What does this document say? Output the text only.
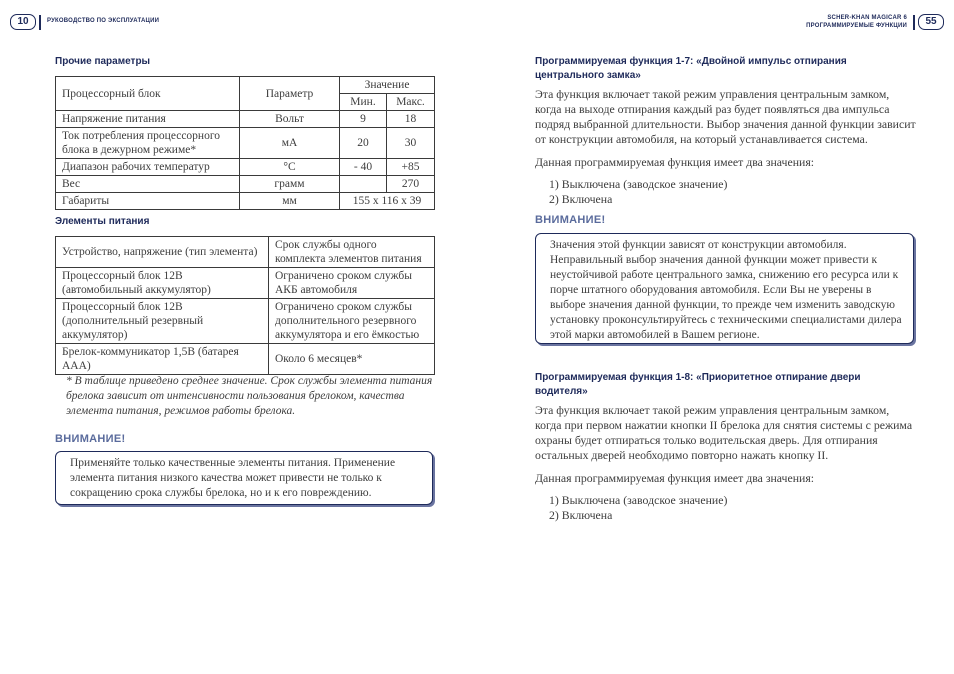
10	РУКОВОДСТВО ПО ЭКСПЛУАТАЦИИ	SCHER-KHAN MAGICAR 6
ПРОГРАММИРУЕМЫЕ ФУНКЦИИ	55
Прочие параметры
Процессорный блок	Параметр	Значение	
		Мин.	Макс.
Напряжение питания	Вольт	9	18
Ток потребления процессорного блока в дежурном режиме*	мА	20	30
Диапазон рабочих температур	°С	- 40	+85
Вес	грамм		270
Габариты	мм	155 x 116 x 39	
Элементы питания
Устройство, напряжение (тип элемента)	Срок службы одного комплекта элементов питания
Процессорный блок 12В (автомобильный аккумулятор)	Ограничено сроком службы АКБ автомобиля
Процессорный блок 12В (дополнительный резервный аккумулятор)	Ограничено сроком службы дополнительного резервного аккумулятора и его ёмкостью
Брелок-коммуникатор 1,5В (батарея AAA)	Около 6 месяцев*
* В таблице приведено среднее значение. Срок службы элемента питания брелока зависит от интенсивности пользования брелоком, качества элемента питания, режимов работы брелока.
ВНИМАНИЕ!
Применяйте только качественные элементы питания. Применение элемента питания низкого качества может привести не только к сокращению срока службы брелока, но и к его повреждению.
Программируемая функция 1-7: «Двойной импульс отпирания центрального замка»
Эта функция включает такой режим управления центральным замком, когда на выходе отпирания каждый раз будет появляться два импульса подряд выбранной длительности. Выбор значения данной функции зависит от конструкции автомобиля, на который устанавливается система.
Данная программируемая функция имеет два значения:
1) Выключена (заводское значение)
2) Включена
ВНИМАНИЕ!
Значения этой функции зависят от конструкции автомобиля. Неправильный выбор значения данной функции может привести к неустойчивой работе центрального замка, снижению его ресурса или к порче штатного оборудования автомобиля. Если Вы не уверены в выборе значения данной функции, то прежде чем изменить заводскую установку проконсультируйтесь с техническими специалистами дилера этой марки автомобилей в Вашем регионе.
Программируемая функция 1-8: «Приоритетное отпирание двери водителя»
Эта функция включает такой режим управления центральным замком, когда при первом нажатии кнопки II брелока для снятия системы с режима охраны будет отпираться только водительская дверь. Для отпирания остальных дверей необходимо повторно нажать кнопку II.
Данная программируемая функция имеет два значения:
1) Выключена (заводское значение)
2) Включена
